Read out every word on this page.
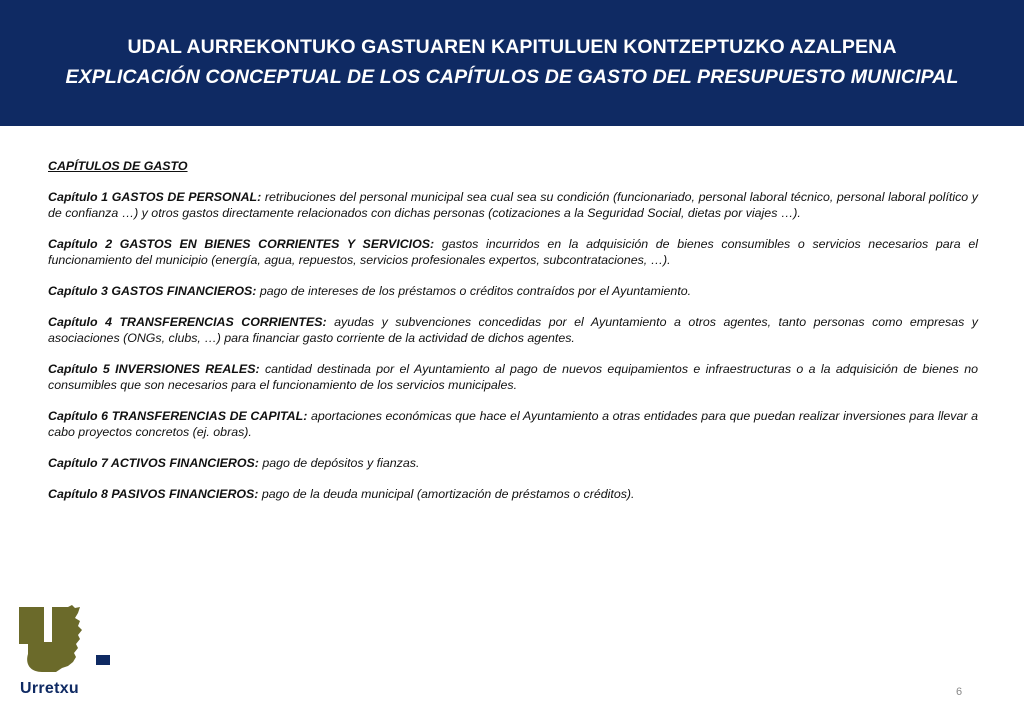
UDAL AURREKONTUKO GASTUAREN KAPITULUEN KONTZEPTUZKO AZALPENA
EXPLICACIÓN CONCEPTUAL DE LOS CAPÍTULOS DE GASTO DEL PRESUPUESTO MUNICIPAL
CAPÍTULOS DE GASTO
Capítulo 1 GASTOS DE PERSONAL: retribuciones del personal municipal sea cual sea su condición (funcionariado, personal laboral técnico, personal laboral político y de confianza …) y otros gastos directamente relacionados con dichas personas (cotizaciones a la Seguridad Social, dietas por viajes …).
Capítulo 2 GASTOS EN BIENES CORRIENTES Y SERVICIOS: gastos incurridos en la adquisición de bienes consumibles o servicios necesarios para el funcionamiento del municipio (energía, agua, repuestos, servicios profesionales expertos, subcontrataciones, …).
Capítulo 3 GASTOS FINANCIEROS: pago de intereses de los préstamos o créditos contraídos por el Ayuntamiento.
Capítulo 4 TRANSFERENCIAS CORRIENTES: ayudas y subvenciones concedidas por el Ayuntamiento a otros agentes, tanto personas como empresas y asociaciones (ONGs, clubs, …) para financiar gasto corriente de la actividad de dichos agentes.
Capítulo 5 INVERSIONES REALES: cantidad destinada por el Ayuntamiento al pago de nuevos equipamientos e infraestructuras o a la adquisición de bienes no consumibles que son necesarios para el funcionamiento de los servicios municipales.
Capítulo 6 TRANSFERENCIAS DE CAPITAL: aportaciones económicas que hace el Ayuntamiento a otras entidades para que puedan realizar inversiones para llevar a cabo proyectos concretos (ej. obras).
Capítulo 7 ACTIVOS FINANCIEROS: pago de depósitos y fianzas.
Capítulo 8 PASIVOS FINANCIEROS: pago de la deuda municipal (amortización de préstamos o créditos).
Urretxu	6
